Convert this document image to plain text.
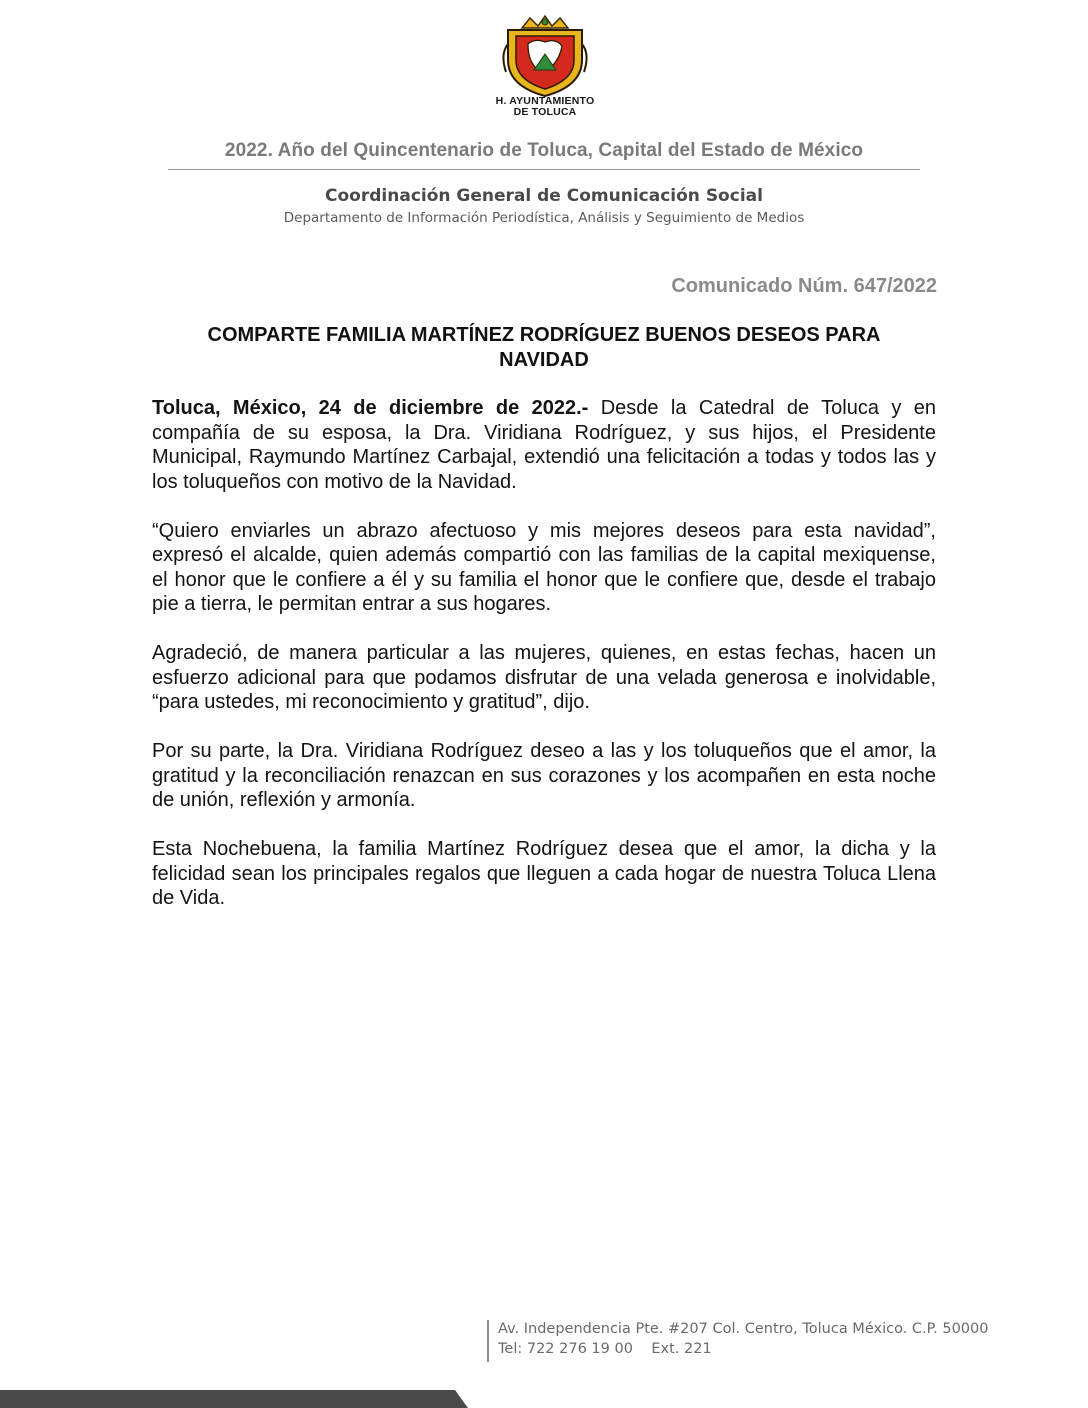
H. AYUNTAMIENTO
DE TOLUCA
2022. Año del Quincentenario de Toluca, Capital del Estado de México
Coordinación General de Comunicación Social
Departamento de Información Periodística, Análisis y Seguimiento de Medios
Comunicado Núm. 647/2022
COMPARTE FAMILIA MARTÍNEZ RODRÍGUEZ BUENOS DESEOS PARA
NAVIDAD

Toluca, México, 24 de diciembre de 2022.- Desde la Catedral de Toluca y en compañía de su esposa, la Dra. Viridiana Rodríguez, y sus hijos, el Presidente Municipal, Raymundo Martínez Carbajal, extendió una felicitación a todas y todos las y los toluqueños con motivo de la Navidad.

“Quiero enviarles un abrazo afectuoso y mis mejores deseos para esta navidad”, expresó el alcalde, quien además compartió con las familias de la capital mexiquense, el honor que le confiere a él y su familia el honor que le confiere que, desde el trabajo pie a tierra, le permitan entrar a sus hogares.

Agradeció, de manera particular a las mujeres, quienes, en estas fechas, hacen un esfuerzo adicional para que podamos disfrutar de una velada generosa e inolvidable, “para ustedes, mi reconocimiento y gratitud”, dijo.

Por su parte, la Dra. Viridiana Rodríguez deseo a las y los toluqueños que el amor, la gratitud y la reconciliación renazcan en sus corazones y los acompañen en esta noche de unión, reflexión y armonía.

Esta Nochebuena, la familia Martínez Rodríguez desea que el amor, la dicha y la felicidad sean los principales regalos que lleguen a cada hogar de nuestra Toluca Llena de Vida.

Av. Independencia Pte. #207 Col. Centro, Toluca México. C.P. 50000
Tel: 722 276 19 00    Ext. 221
